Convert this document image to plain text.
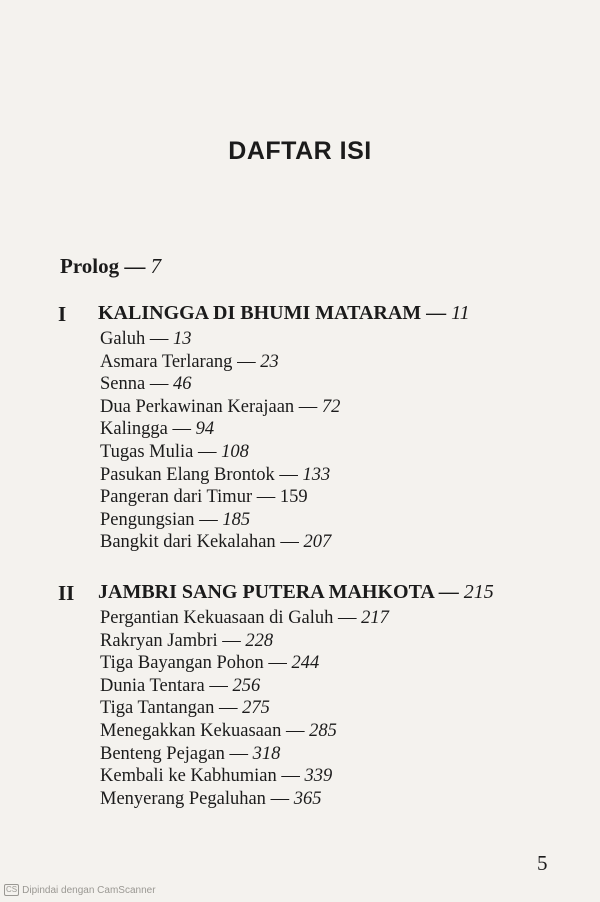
DAFTAR ISI
Prolog — 7
I KALINGGA DI BHUMI MATARAM — 11
Galuh — 13
Asmara Terlarang — 23
Senna — 46
Dua Perkawinan Kerajaan — 72
Kalingga — 94
Tugas Mulia — 108
Pasukan Elang Brontok — 133
Pangeran dari Timur — 159
Pengungsian — 185
Bangkit dari Kekalahan — 207
II JAMBRI SANG PUTERA MAHKOTA — 215
Pergantian Kekuasaan di Galuh — 217
Rakryan Jambri — 228
Tiga Bayangan Pohon — 244
Dunia Tentara — 256
Tiga Tantangan — 275
Menegakkan Kekuasaan — 285
Benteng Pejagan — 318
Kembali ke Kabhumian — 339
Menyerang Pegaluhan — 365
5
CS Dipindai dengan CamScanner
